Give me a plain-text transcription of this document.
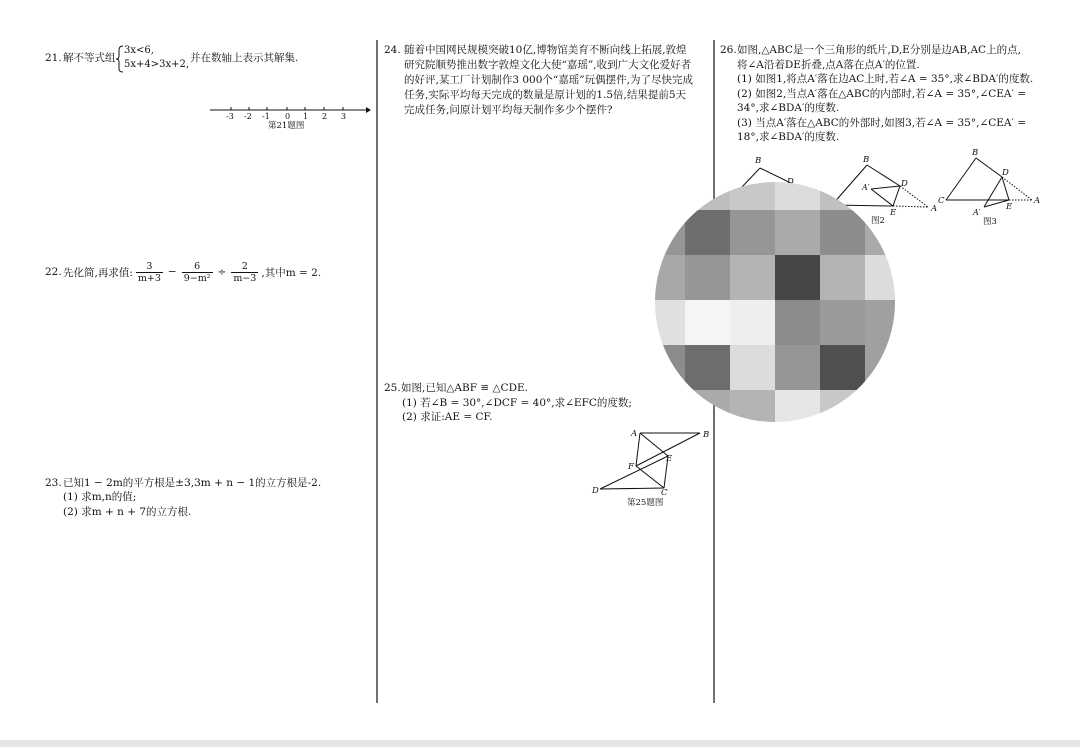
-3 -2 -1 0 1 2 3
第21题图
A	B
E
F
D	C
第25题图
B
D
B
A′	D
E	A
图2
B
D
C
E
A
A′
图3
21. 解不等式组
3x<6,
5x+4>3x+2,
并在数轴上表示其解集.
22. 先化简,再求值: $\frac{3}{m+3} - \frac{6}{\text{9−m²}} \div \frac{2}{m-3}$ ,其中m = 2.
23. 已知1 − 2m的平方根是±3,3m + n − 1的立方根是-2.
(1) 求m,n的值;
(2) 求m + n + 7的立方根.
24. 随着中国网民规模突破10亿,博物馆美育不断向线上拓展,敦煌
研究院顺势推出数字敦煌文化大使“嘉瑶”,收到广大文化爱好者
的好评,某工厂计划制作3 000个“嘉瑶”玩偶摆件,为了尽快完成
任务,实际平均每天完成的数量是原计划的1.5倍,结果提前5天
完成任务,问原计划平均每天制作多少个摆件?
25. 如图,已知△ABF ≌ △CDE.
(1) 若∠B = 30°,∠DCF = 40°,求∠EFC的度数;
(2) 求证:AE = CF.
26. 如图,△ABC是一个三角形的纸片,D,E分别是边AB,AC上的点,
将∠A沿着DE折叠,点A落在点A′的位置.
(1) 如图1,将点A′落在边AC上时,若∠A = 35°,求∠BDA′的度数.
(2) 如图2,当点A′落在△ABC的内部时,若∠A = 35°,∠CEA′ =
34°,求∠BDA′的度数.
(3) 当点A′落在△ABC的外部时,如图3,若∠A = 35°,∠CEA′ =
18°,求∠BDA′的度数.
